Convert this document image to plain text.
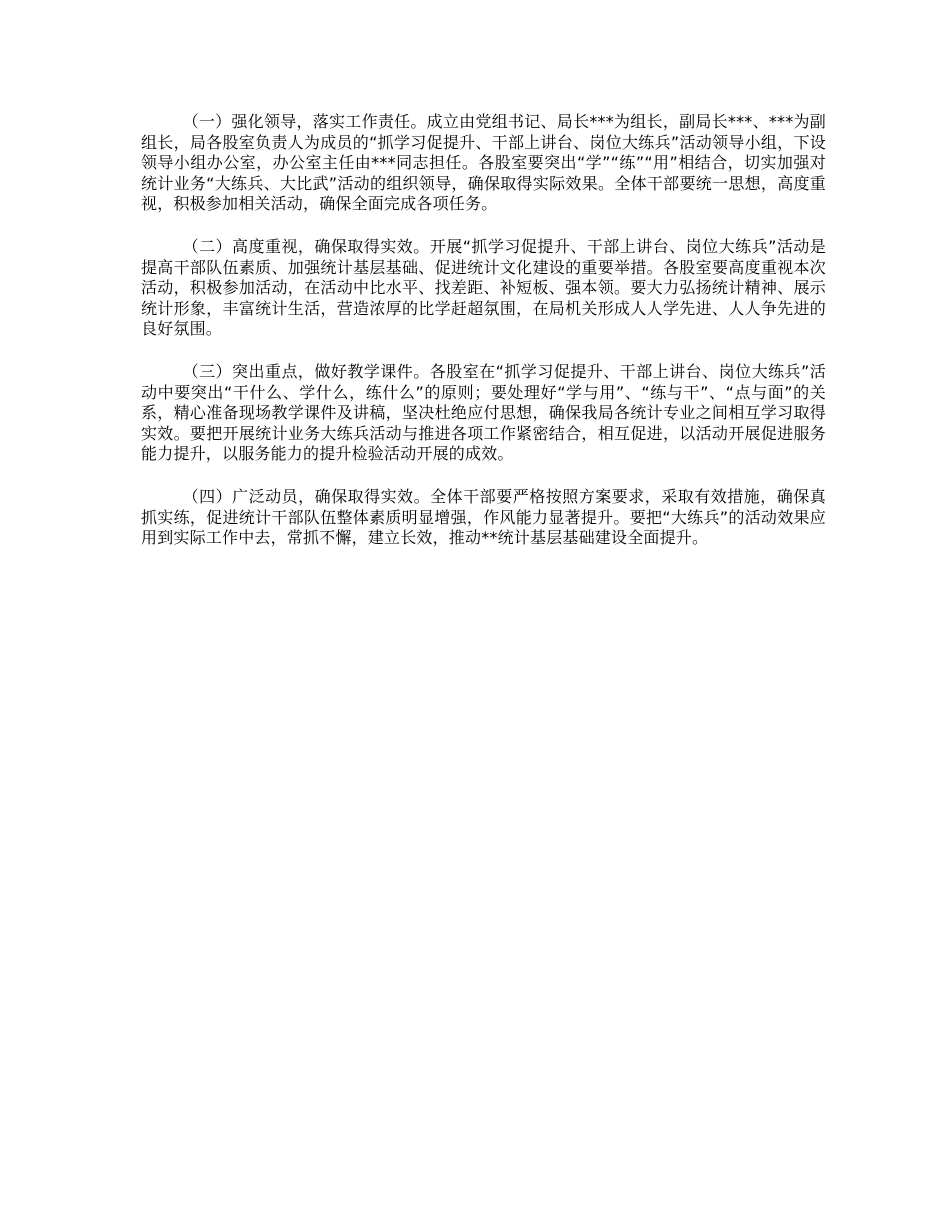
（一）强化领导，落实工作责任。成立由党组书记、局长***为组长，副局长***、***为副组长，局各股室负责人为成员的“抓学习促提升、干部上讲台、岗位大练兵”活动领导小组，下设领导小组办公室，办公室主任由***同志担任。各股室要突出“学”“练”“用”相结合，切实加强对统计业务“大练兵、大比武”活动的组织领导，确保取得实际效果。全体干部要统一思想，高度重视，积极参加相关活动，确保全面完成各项任务。

（二）高度重视，确保取得实效。开展“抓学习促提升、干部上讲台、岗位大练兵”活动是提高干部队伍素质、加强统计基层基础、促进统计文化建设的重要举措。各股室要高度重视本次活动，积极参加活动，在活动中比水平、找差距、补短板、强本领。要大力弘扬统计精神、展示统计形象，丰富统计生活，营造浓厚的比学赶超氛围，在局机关形成人人学先进、人人争先进的良好氛围。

（三）突出重点，做好教学课件。各股室在“抓学习促提升、干部上讲台、岗位大练兵”活动中要突出“干什么、学什么，练什么”的原则；要处理好“学与用”、“练与干”、“点与面”的关系，精心准备现场教学课件及讲稿，坚决杜绝应付思想，确保我局各统计专业之间相互学习取得实效。要把开展统计业务大练兵活动与推进各项工作紧密结合，相互促进，以活动开展促进服务能力提升，以服务能力的提升检验活动开展的成效。

（四）广泛动员，确保取得实效。全体干部要严格按照方案要求，采取有效措施，确保真抓实练，促进统计干部队伍整体素质明显增强，作风能力显著提升。要把“大练兵”的活动效果应用到实际工作中去，常抓不懈，建立长效，推动**统计基层基础建设全面提升。
